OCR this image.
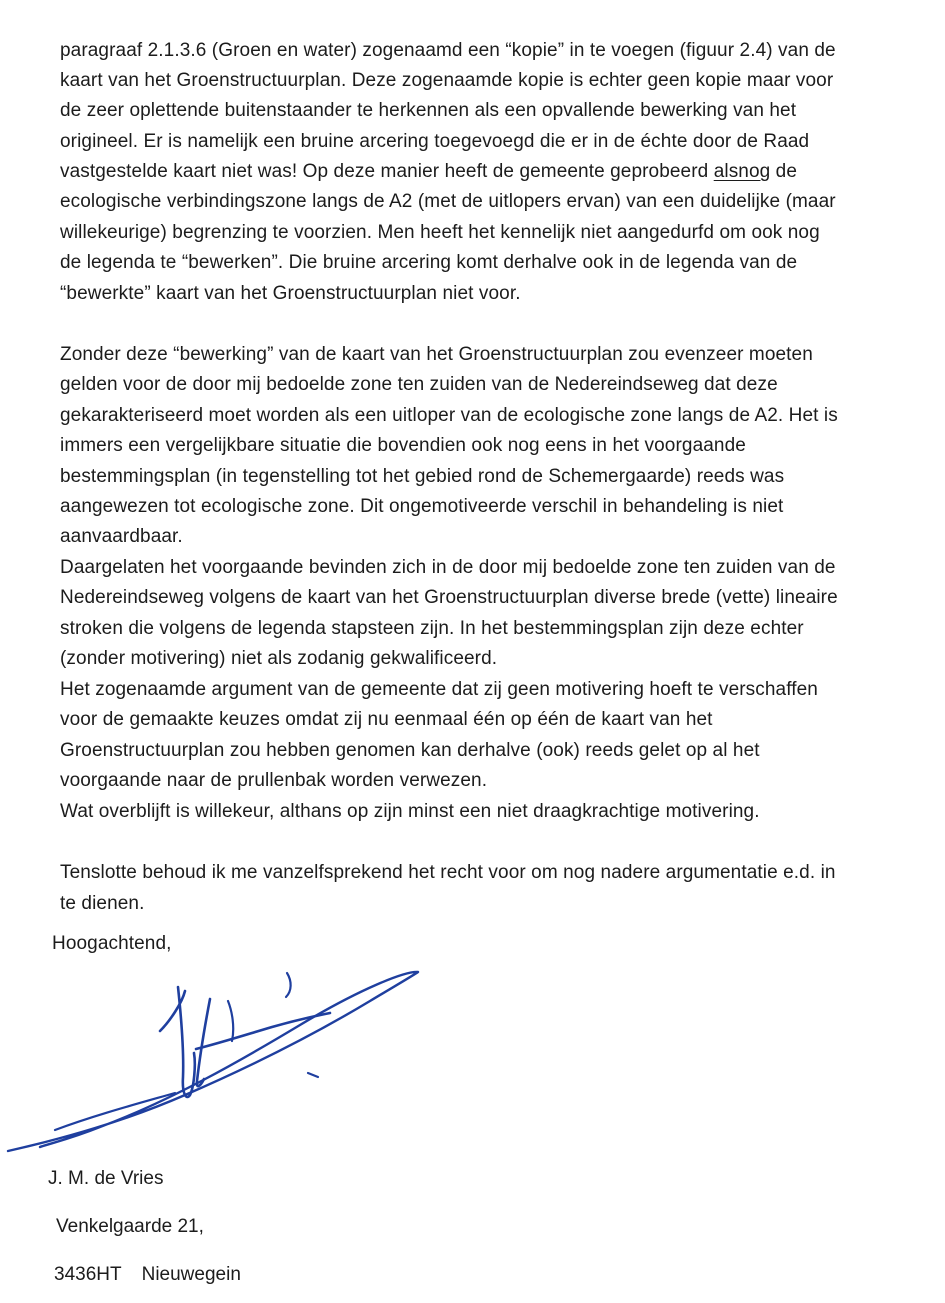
paragraaf 2.1.3.6 (Groen en water) zogenaamd een “kopie” in te voegen (figuur 2.4) van de

kaart van het Groenstructuurplan. Deze zogenaamde kopie is echter geen kopie maar voor

de zeer oplettende buitenstaander te herkennen als een opvallende bewerking van het

origineel. Er is namelijk een bruine arcering toegevoegd die er in de échte door de Raad

vastgestelde kaart niet was! Op deze manier heeft de gemeente geprobeerd alsnog de

ecologische verbindingszone langs de A2 (met de uitlopers ervan) van een duidelijke (maar

willekeurige) begrenzing te voorzien. Men heeft het kennelijk niet aangedurfd om ook nog

de legenda te “bewerken”. Die bruine arcering komt derhalve ook in de legenda van de

“bewerkte” kaart van het Groenstructuurplan niet voor.

Zonder deze “bewerking” van de kaart van het Groenstructuurplan zou evenzeer moeten

gelden voor de door mij bedoelde zone ten zuiden van de Nedereindseweg dat deze

gekarakteriseerd moet worden als een uitloper van de ecologische zone langs de A2. Het is

immers een vergelijkbare situatie die bovendien ook nog eens in het voorgaande

bestemmingsplan (in tegenstelling tot het gebied rond de Schemergaarde) reeds was

aangewezen tot ecologische zone. Dit ongemotiveerde verschil in behandeling is niet

aanvaardbaar.

Daargelaten het voorgaande bevinden zich in de door mij bedoelde zone ten zuiden van de

Nedereindseweg volgens de kaart van het Groenstructuurplan diverse brede (vette) lineaire

stroken die volgens de legenda stapsteen zijn. In het bestemmingsplan zijn deze echter

(zonder motivering) niet als zodanig gekwalificeerd.

Het zogenaamde argument van de gemeente dat zij geen motivering hoeft te verschaffen

voor de gemaakte keuzes omdat zij nu eenmaal één op één de kaart van het

Groenstructuurplan zou hebben genomen kan derhalve (ook) reeds gelet op al het

voorgaande naar de prullenbak worden verwezen.

Wat overblijft is willekeur, althans op zijn minst een niet draagkrachtige motivering.

Tenslotte behoud ik me vanzelfsprekend het recht voor om nog nadere argumentatie e.d. in

te dienen.

Hoogachtend,

J. M. de Vries

Venkelgaarde 21,

3436HT Nieuwegein
